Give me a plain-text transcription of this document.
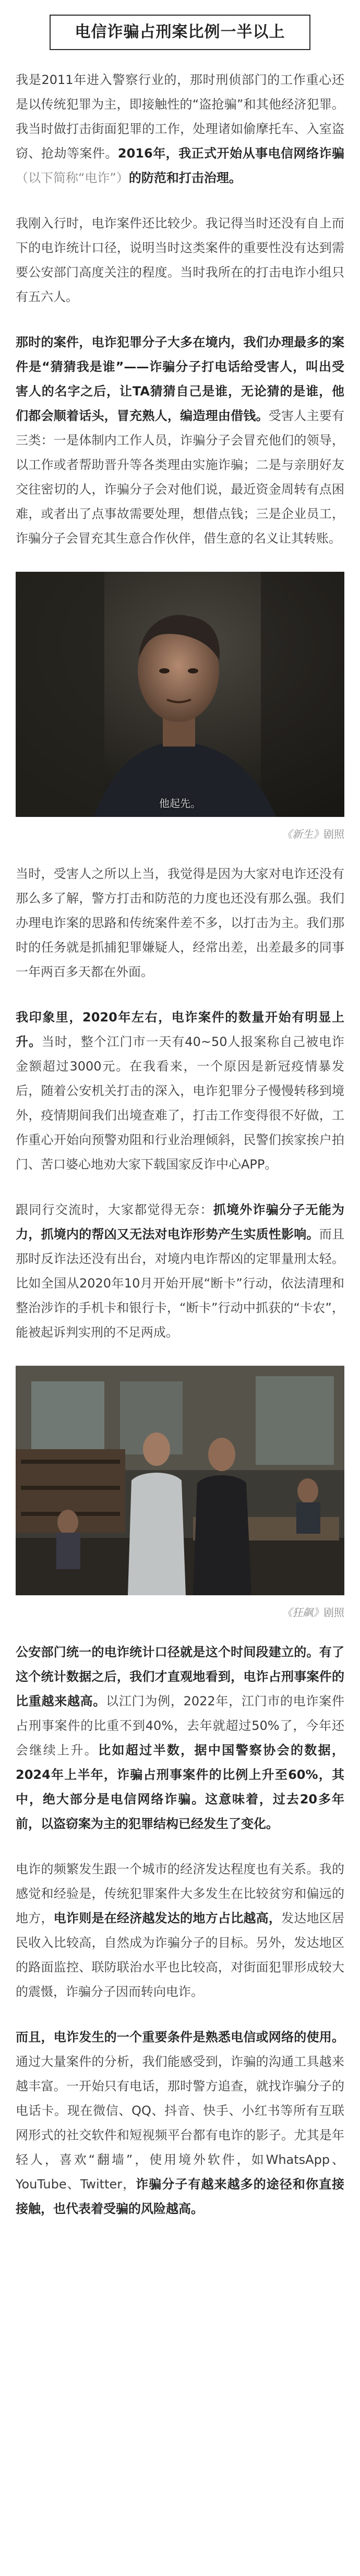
电信诈骗占刑案比例一半以上

我是2011年进入警察行业的，那时刑侦部门的工作重心还是以传统犯罪为主，即接触性的“盗抢骗”和其他经济犯罪。我当时做打击街面犯罪的工作，处理诸如偷摩托车、入室盗窃、抢劫等案件。2016年，我正式开始从事电信网络诈骗（以下简称“电诈”）的防范和打击治理。

我刚入行时，电诈案件还比较少。我记得当时还没有自上而下的电诈统计口径，说明当时这类案件的重要性没有达到需要公安部门高度关注的程度。当时我所在的打击电诈小组只有五六人。

那时的案件，电诈犯罪分子大多在境内，我们办理最多的案件是“猜猜我是谁”——诈骗分子打电话给受害人，叫出受害人的名字之后，让TA猜猜自己是谁，无论猜的是谁，他们都会顺着话头，冒充熟人，编造理由借钱。受害人主要有三类：一是体制内工作人员，诈骗分子会冒充他们的领导，以工作或者帮助晋升等各类理由实施诈骗；二是与亲朋好友交往密切的人，诈骗分子会对他们说，最近资金周转有点困难，或者出了点事故需要处理，想借点钱；三是企业员工，诈骗分子会冒充其生意合作伙伴，借生意的名义让其转账。

他起先。
《新生》剧照

当时，受害人之所以上当，我觉得是因为大家对电诈还没有那么多了解，警方打击和防范的力度也还没有那么强。我们办理电诈案的思路和传统案件差不多，以打击为主。我们那时的任务就是抓捕犯罪嫌疑人，经常出差，出差最多的同事一年两百多天都在外面。

我印象里，2020年左右，电诈案件的数量开始有明显上升。当时，整个江门市一天有40~50人报案称自己被电诈金额超过3000元。在我看来，一个原因是新冠疫情暴发后，随着公安机关打击的深入，电诈犯罪分子慢慢转移到境外，疫情期间我们出境查难了，打击工作变得很不好做，工作重心开始向预警劝阻和行业治理倾斜，民警们挨家挨户拍门、苦口婆心地劝大家下载国家反诈中心APP。

跟同行交流时，大家都觉得无奈：抓境外诈骗分子无能为力，抓境内的帮凶又无法对电诈形势产生实质性影响。而且那时反诈法还没有出台，对境内电诈帮凶的定罪量刑太轻。比如全国从2020年10月开始开展“断卡”行动，依法清理和整治涉诈的手机卡和银行卡，“断卡”行动中抓获的“卡农”，能被起诉判实刑的不足两成。

《狂飙》剧照

公安部门统一的电诈统计口径就是这个时间段建立的。有了这个统计数据之后，我们才直观地看到，电诈占刑事案件的比重越来越高。以江门为例，2022年，江门市的电诈案件占刑事案件的比重不到40%，去年就超过50%了，今年还会继续上升。比如超过半数，据中国警察协会的数据，2024年上半年，诈骗占刑事案件的比例上升至60%，其中，绝大部分是电信网络诈骗。这意味着，过去20多年前，以盗窃案为主的犯罪结构已经发生了变化。

电诈的频繁发生跟一个城市的经济发达程度也有关系。我的感觉和经验是，传统犯罪案件大多发生在比较贫穷和偏远的地方，电诈则是在经济越发达的地方占比越高，发达地区居民收入比较高，自然成为诈骗分子的目标。另外，发达地区的路面监控、联防联治水平也比较高，对街面犯罪形成较大的震慑，诈骗分子因而转向电诈。

而且，电诈发生的一个重要条件是熟悉电信或网络的使用。通过大量案件的分析，我们能感受到，诈骗的沟通工具越来越丰富。一开始只有电话，那时警方追查，就找诈骗分子的电话卡。现在微信、QQ、抖音、快手、小红书等所有互联网形式的社交软件和短视频平台都有电诈的影子。尤其是年轻人，喜欢“翻墙”，使用境外软件，如WhatsApp、YouTube、Twitter，诈骗分子有越来越多的途径和你直接接触，也代表着受骗的风险越高。
